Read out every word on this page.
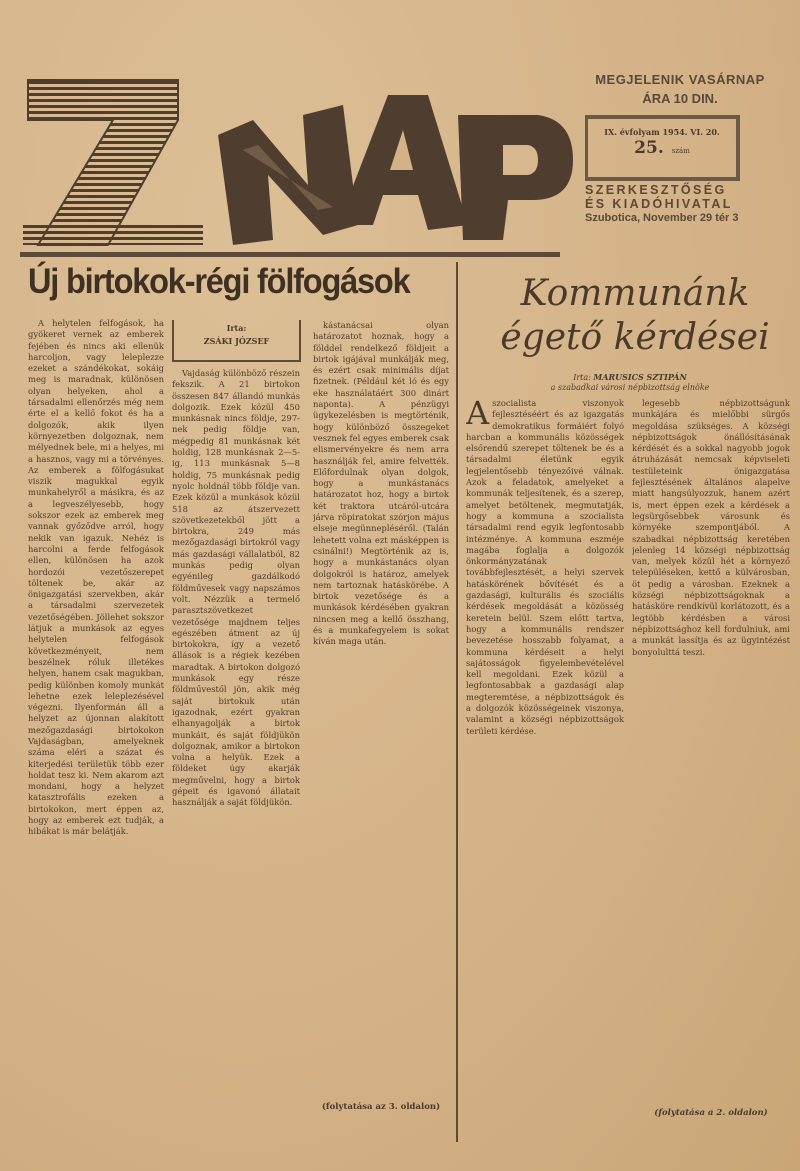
MEGJELENIK VASÁRNAP
ÁRA 10 DIN.
IX. évfolyam 1954. VI. 20.
25. szám
SZERKESZTŐSÉG
ÉS KIADÓHIVATAL
Szubotica, November 29 tér 3
Új birtokok-régi fölfogások
Irta:
ZSÁKI JÓZSEF

A helytelen felfogások, ha gyökeret vernek az emberek fejében és nincs aki ellenük harcoljon, vagy leleplezze ezeket a szándékokat, sokáig meg is maradnak, különösen olyan helyeken, ahol a társadalmi ellenőrzés még nem érte el a kellő fokot és ha a dolgozók, akik ilyen környezetben dolgoznak, nem mélyednek bele, mi a helyes, mi a hasznos, vagy mi a törvényes. Az emberek a fölfogásukat viszik magukkal egyik munkahelyről a másikra, és az a legveszélyesebb, hogy sokszor ezek az emberek meg vannak győződve arról, hogy nekik van igazuk. Nehéz is harcolni a ferde felfogások ellen, különösen ha azok hordozói vezetőszerepet töltenek be, akár az önigazgatási szervekben, akár a társadalmi szervezetek vezetőségében. Jöllehet sokszor látjuk a munkások az egyes helytelen felfogások következményeit, nem beszélnek róluk illetékes helyen, hanem csak magukban, pedig különben komoly munkát lehetne ezek leleplezésével végezni. Ilyenformán áll a helyzet az újonnan alakított mezőgazdasági birtokokon Vajdaságban, amelyeknek száma eléri a százat és kiterjedési területük több ezer holdat tesz ki. Nem akarom azt mondani, hogy a helyzet katasztrofális ezeken a birtokokon, mert éppen az, hogy az emberek ezt tudják, a hibákat is már belátják.

Vajdaság különböző részein fekszik. A 21 birtokon összesen 847 állandó munkás dolgozik. Ezek közül 450 munkásnak nincs földje, 297-nek pedig földje van, mégpedig 81 munkásnak két holdig, 128 munkásnak 2—5-ig, 113 munkásnak 5—8 holdig, 75 munkásnak pedig nyolc holdnál több földje van. Ezek közül a munkások közül 518 az átszervezett szövetkezetekből jött a birtokra, 249 más mezőgazdasági birtokról vagy más gazdasági vállalatból, 82 munkás pedig olyan egyénileg gazdálkodó földművesek vagy napszámos volt. Nézzük a termelő parasztszövetkezet vezetősége majdnem teljes egészében átment az új birtokokra, így a vezető állások is a régiek kezében maradtak. A birtokon dolgozó munkások egy része földművestől jön, akik még saját birtokuk után igazodnak, ezért gyakran elhanyagolják a birtok munkáit, és saját földjükön dolgoznak, amikor a birtokon volna a helyük. Ezek a földeket úgy akarják megművelni, hogy a birtok gépeit és igavonó állatait használják a saját földjükön.

kástanácsai olyan határozatot hoznak, hogy a földdel rendelkező földjeit a birtok igájával munkálják meg, és ezért csak minimális díjat fizetnek. (Például két ló és egy eke használatáért 300 dinárt naponta). A pénzügyi ügykezelésben is megtörténik, hogy különböző összegeket vesznek fel egyes emberek csak elismervényekre és nem arra használják fel, amire felvették. Előfordulnak olyan dolgok, hogy a munkástanács határozatot hoz, hogy a birtok két traktora utcáról-utcára járva röpiratokat szórjon május elseje megünnepléséről. (Talán lehetett volna ezt másképpen is csinálni!) Megtörténik az is, hogy a munkástanács olyan dolgokról is határoz, amelyek nem tartoznak hatáskörébe. A birtok vezetősége és a munkások kérdésében gyakran nincsen meg a kellő összhang, és a munkafegyelem is sokat kíván maga után.

(folytatása az 3. oldalon)
Kommunánk
égető kérdései
Irta: MARUSICS SZTIPÁN
a szabadkai városi népbizottság elnöke
Aszocialista viszonyok fejlesztéséért és az igazgatás demokratikus formáiért folyó harcban a kommunális közösségek elsőrendű szerepet töltenek be és a társadalmi életünk egyik legjelentősebb tényezőivé válnak. Azok a feladatok, amelyeket a kommunák teljesítenek, és a szerep, amelyet betöltenek, megmutatják, hogy a kommuna a szocialista társadalmi rend egyik legfontosabb intézménye. A kommuna eszméje magába foglalja a dolgozók önkormányzatának továbbfejlesztését, a helyi szervek hatáskörének bővítését és a gazdasági, kulturális és szociális kérdések megoldását a közösség keretein belül. Szem előtt tartva, hogy a kommunális rendszer bevezetése hosszabb folyamat, a kommuna kérdéseit a helyi sajátosságok figyelembevételével kell megoldani. Ezek közül a legfontosabbak a gazdasági alap megteremtése, a népbizottságok és a dolgozók közösségeinek viszonya, valamint a községi népbizottságok területi kérdése.

legesebb népbizottságunk munkájára és mielőbbi sürgős megoldása szükséges. A községi népbizottságok önállósításának kérdését és a sokkal nagyobb jogok átruházását nemcsak képviseleti testületeink önigazgatása fejlesztésének általános alapelve miatt hangsúlyozzuk, hanem azért is, mert éppen ezek a kérdések a legsürgősebbek városunk és környéke szempontjából. A szabadkai népbizottság keretében jelenleg 14 községi népbizottság van, melyek közül hét a környező településeken, kettő a külvárosban, öt pedig a városban. Ezeknek a községi népbizottságoknak a hatásköre rendkívül korlátozott, és a legtöbb kérdésben a városi népbizottsághoz kell fordulniuk, ami a munkát lassítja és az ügyintézést bonyolulttá teszi.

(folytatása a 2. oldalon)
